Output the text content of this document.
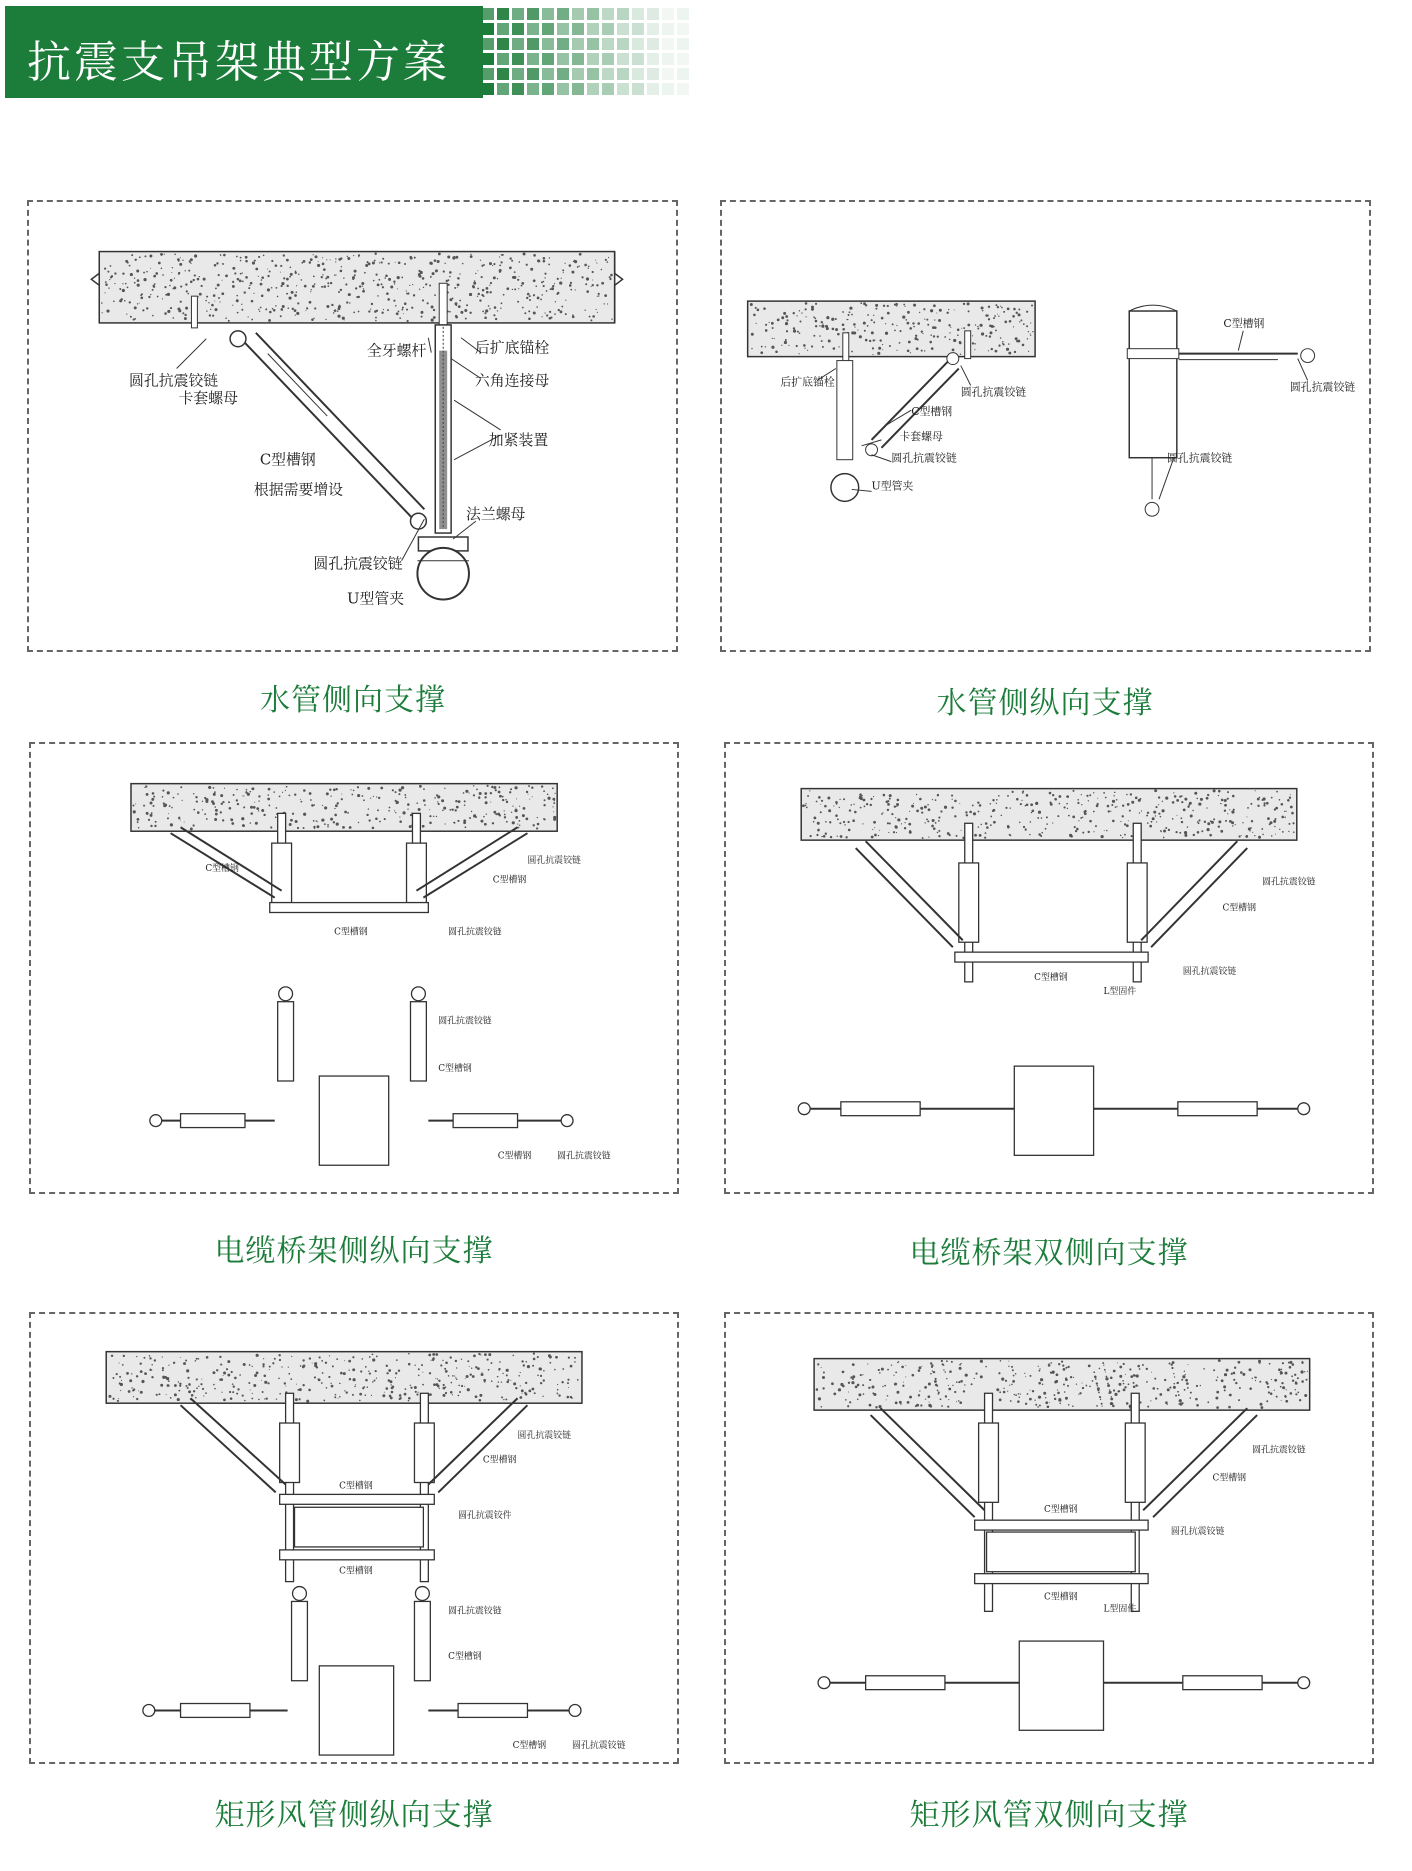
抗震支吊架典型方案
后扩底锚栓
全牙螺杆
六角连接母
加紧装置
圆孔抗震铰链
卡套螺母
C型槽钢
根据需要增设
法兰螺母
圆孔抗震铰链
U型管夹
水管侧向支撑
后扩底锚栓
圆孔抗震铰链
C型槽钢
卡套螺母
圆孔抗震铰链
U型管夹
C型槽钢
圆孔抗震铰链
圆孔抗震铰链
水管侧纵向支撑
圆孔抗震铰链
C型槽钢
C型槽钢
C型槽钢	圆孔抗震铰链
圆孔抗震铰链
C型槽钢
C型槽钢	圆孔抗震铰链
电缆桥架侧纵向支撑
圆孔抗震铰链
C型槽钢
C型槽钢
L型固件
圆孔抗震铰链
电缆桥架双侧向支撑
圆孔抗震铰链
C型槽钢
C型槽钢
圆孔抗震铰件
C型槽钢
圆孔抗震铰链
C型槽钢
C型槽钢	圆孔抗震铰链
矩形风管侧纵向支撑
圆孔抗震铰链
C型槽钢
C型槽钢
圆孔抗震铰链
C型槽钢
L型固件
矩形风管双侧向支撑
